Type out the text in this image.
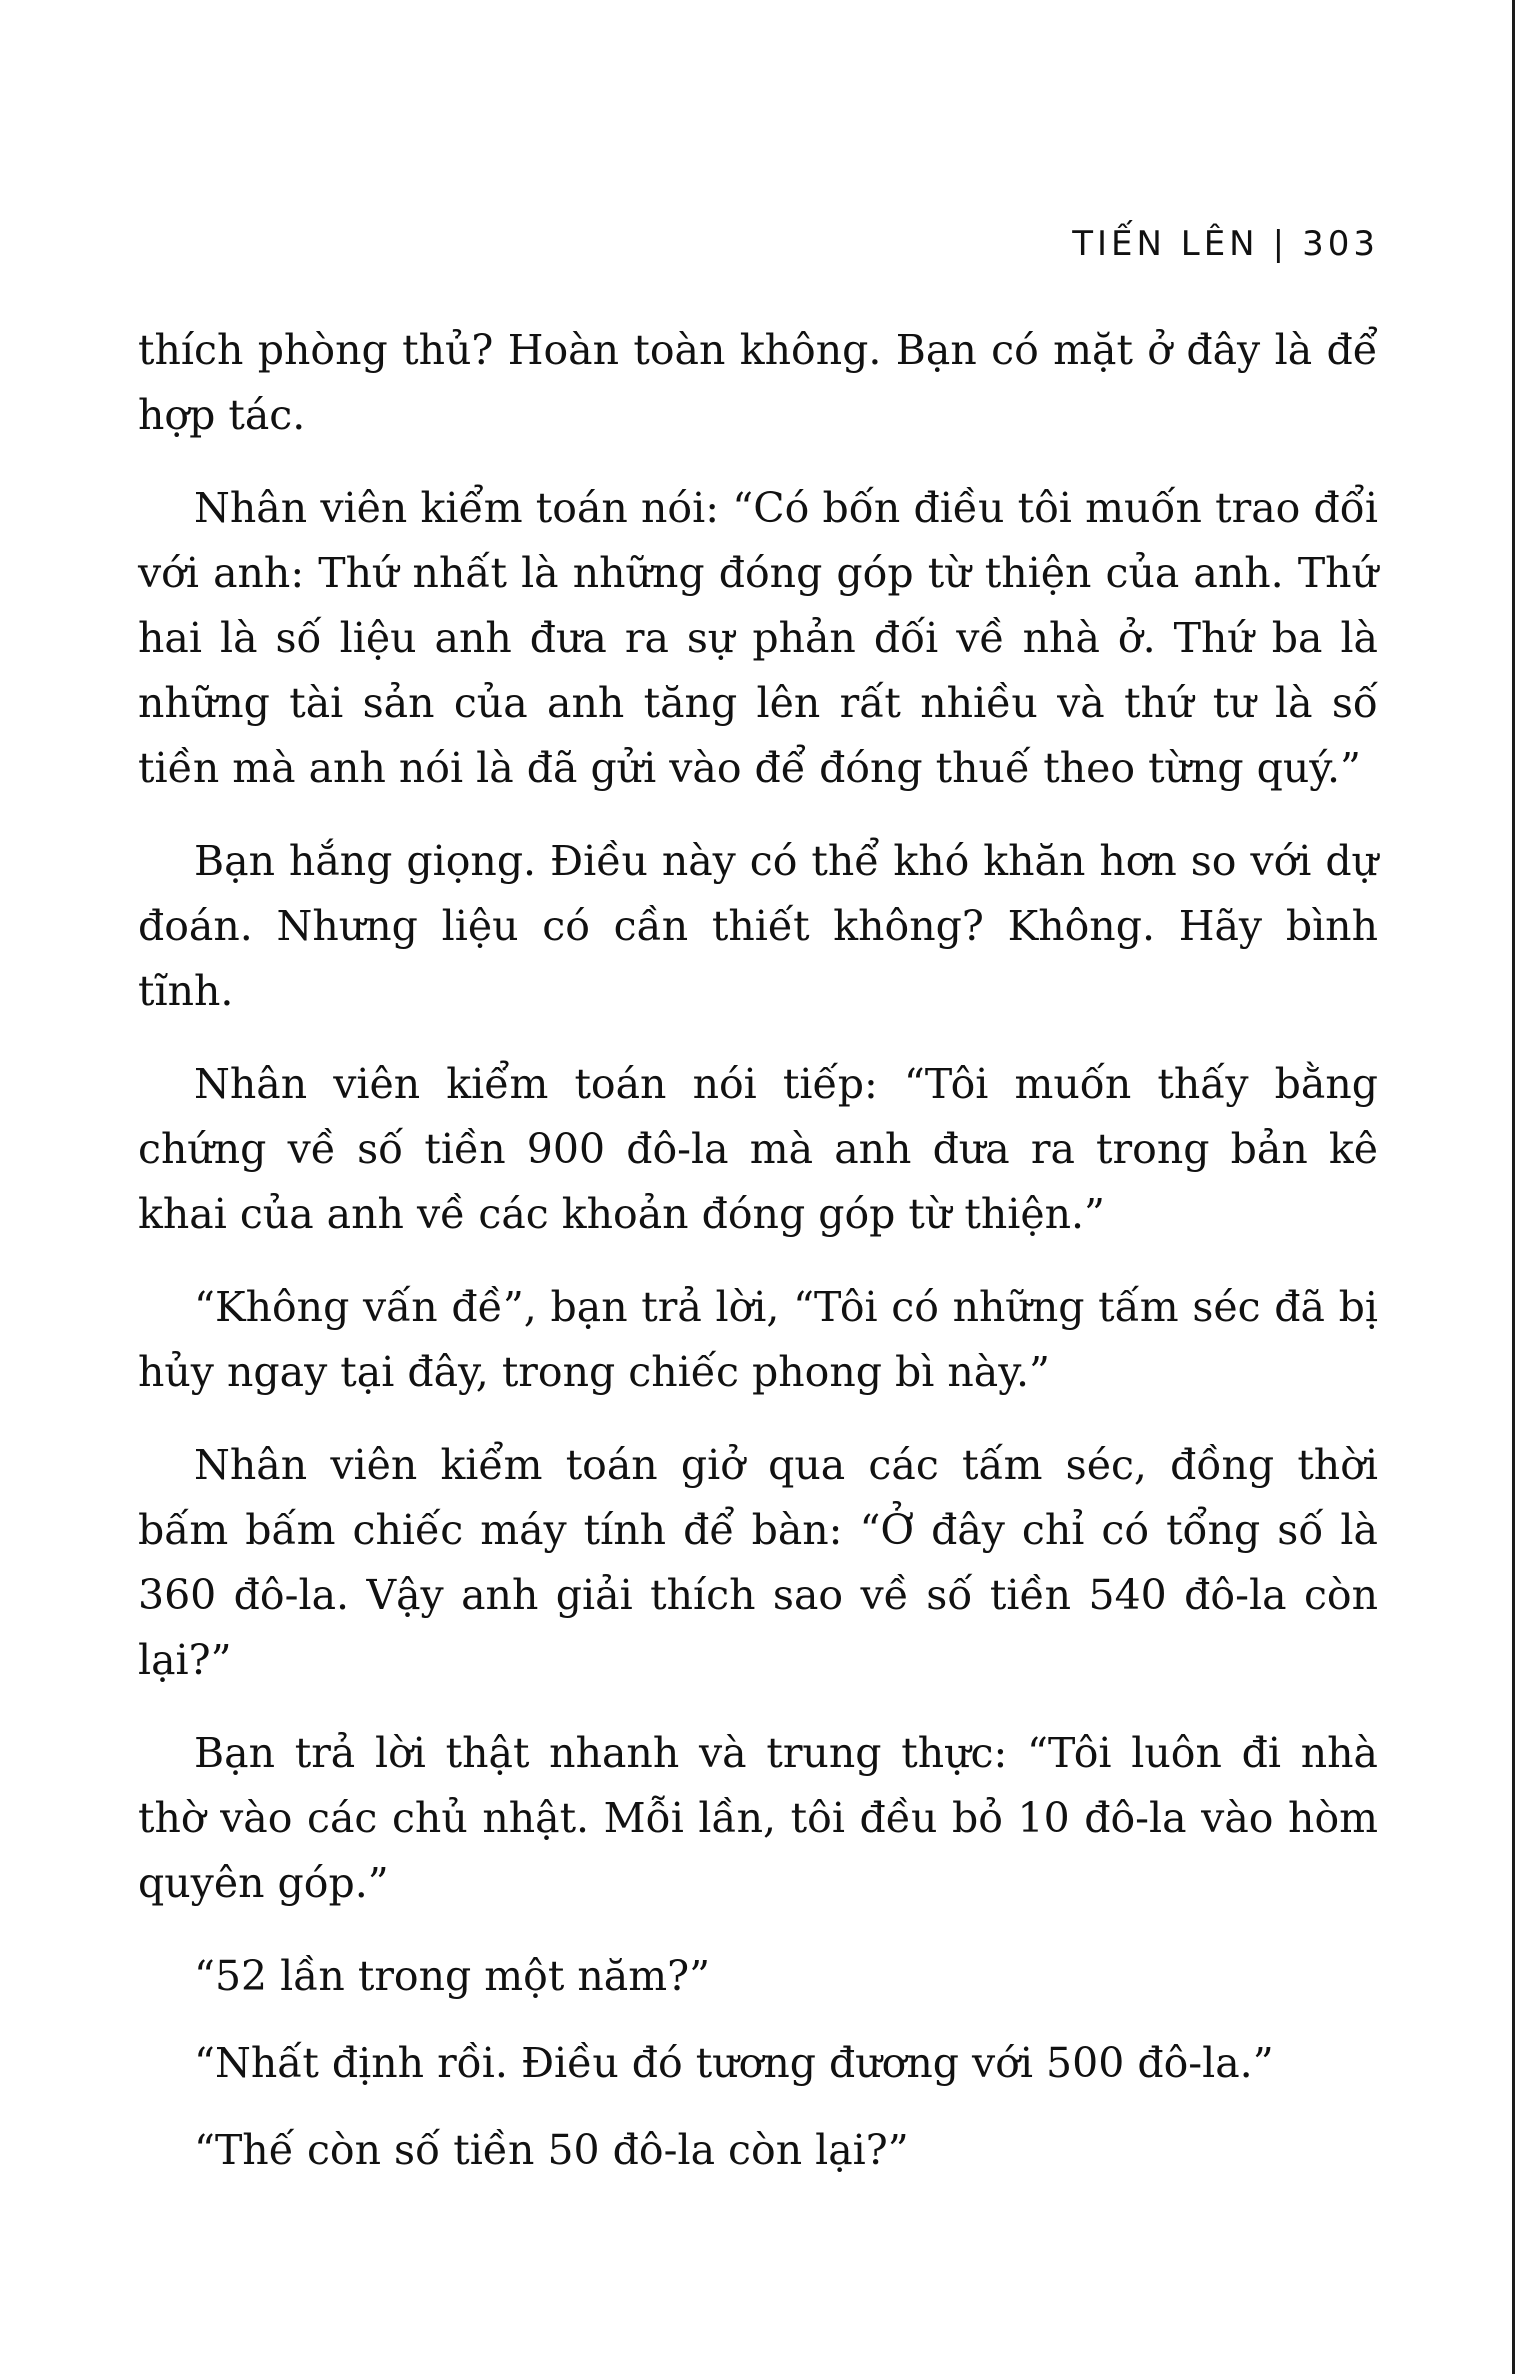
TIẾN LÊN | 303

thích phòng thủ? Hoàn toàn không. Bạn có mặt ở đây là để hợp tác.

Nhân viên kiểm toán nói: “Có bốn điều tôi muốn trao đổi với anh: Thứ nhất là những đóng góp từ thiện của anh. Thứ hai là số liệu anh đưa ra sự phản đối về nhà ở. Thứ ba là những tài sản của anh tăng lên rất nhiều và thứ tư là số tiền mà anh nói là đã gửi vào để đóng thuế theo từng quý.”

Bạn hắng giọng. Điều này có thể khó khăn hơn so với dự đoán. Nhưng liệu có cần thiết không? Không. Hãy bình tĩnh.

Nhân viên kiểm toán nói tiếp: “Tôi muốn thấy bằng chứng về số tiền 900 đô-la mà anh đưa ra trong bản kê khai của anh về các khoản đóng góp từ thiện.”

“Không vấn đề”, bạn trả lời, “Tôi có những tấm séc đã bị hủy ngay tại đây, trong chiếc phong bì này.”

Nhân viên kiểm toán giở qua các tấm séc, đồng thời bấm bấm chiếc máy tính để bàn: “Ở đây chỉ có tổng số là 360 đô-la. Vậy anh giải thích sao về số tiền 540 đô-la còn lại?”

Bạn trả lời thật nhanh và trung thực: “Tôi luôn đi nhà thờ vào các chủ nhật. Mỗi lần, tôi đều bỏ 10 đô-la vào hòm quyên góp.”

“52 lần trong một năm?”

“Nhất định rồi. Điều đó tương đương với 500 đô-la.”

“Thế còn số tiền 50 đô-la còn lại?”
